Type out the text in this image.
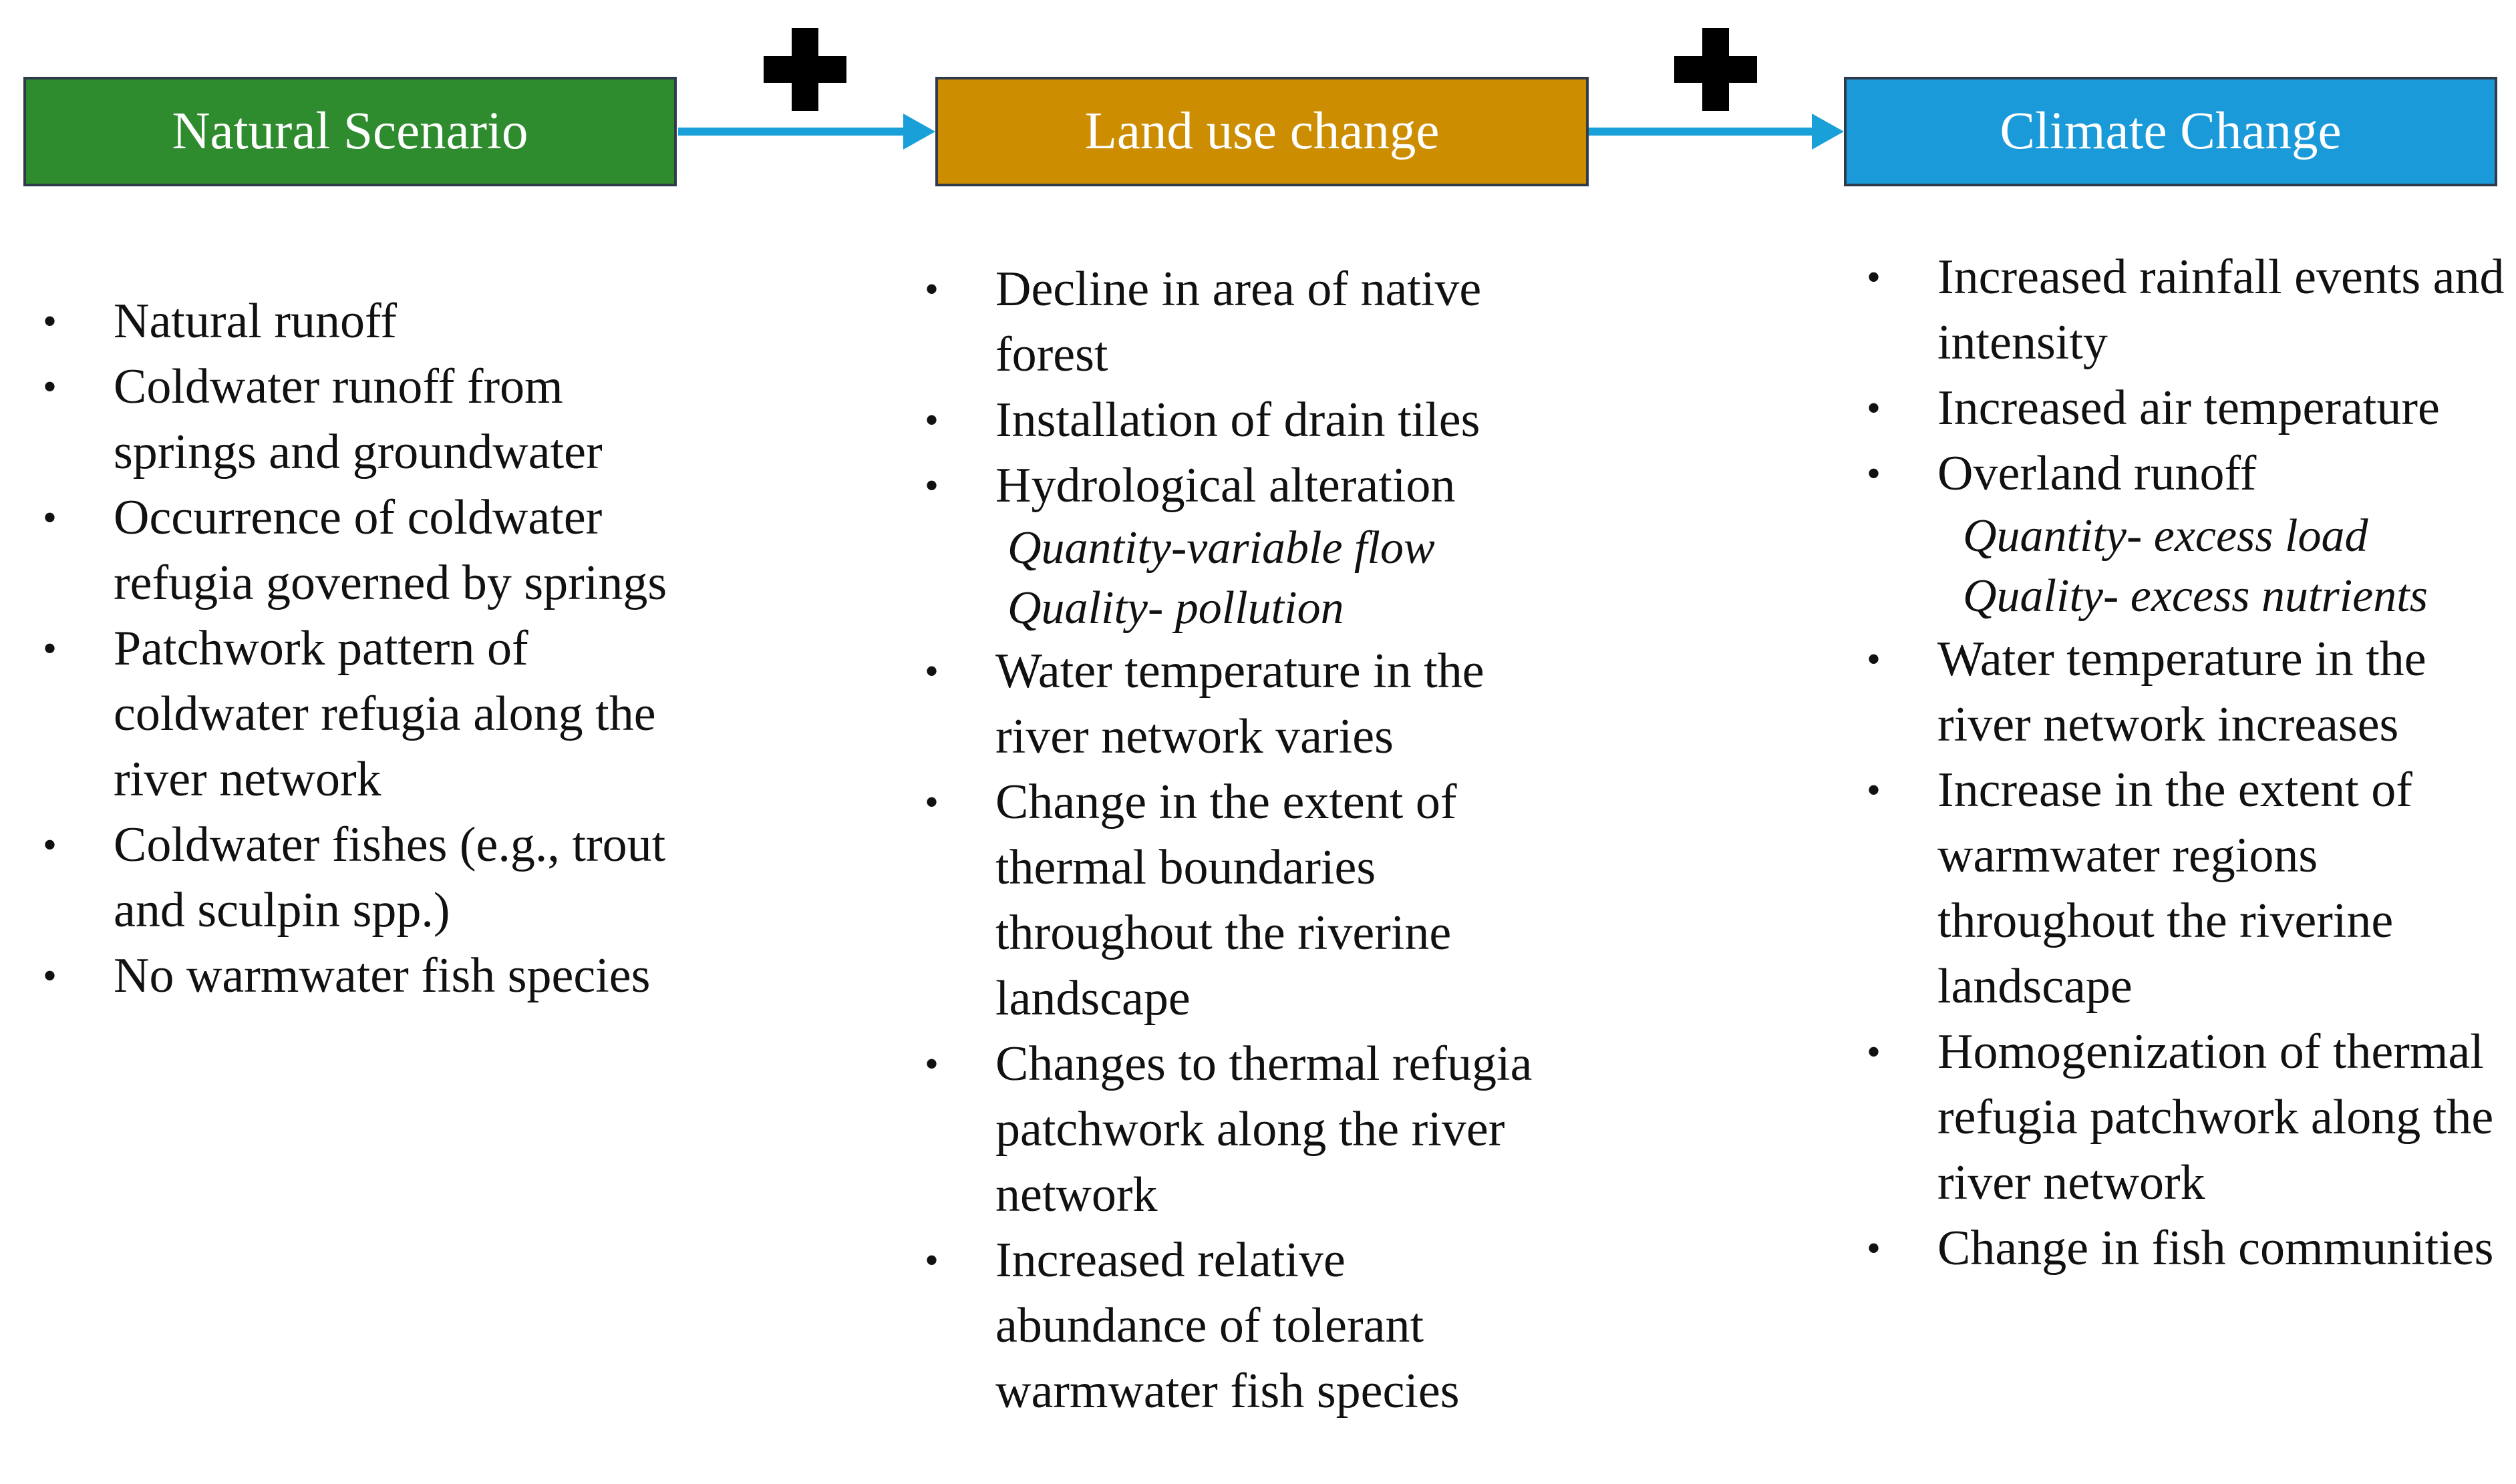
Natural Scenario	Land use change	Climate Change
• Natural runoff
• Coldwater runoff from springs and groundwater
• Occurrence of coldwater refugia governed by springs
• Patchwork pattern of coldwater refugia along the river network
• Coldwater fishes (e.g., trout and sculpin spp.)
• No warmwater fish species
• Decline in area of native forest
• Installation of drain tiles
• Hydrological alteration
Quantity-variable flow
Quality- pollution
• Water temperature in the river network varies
• Change in the extent of thermal boundaries throughout the riverine landscape
• Changes to thermal refugia patchwork along the river network
• Increased relative abundance of tolerant warmwater fish species
• Increased rainfall events and intensity
• Increased air temperature
• Overland runoff
Quantity- excess load
Quality- excess nutrients
• Water temperature in the river network increases
• Increase in the extent of warmwater regions throughout the riverine landscape
• Homogenization of thermal refugia patchwork along the river network
• Change in fish communities
